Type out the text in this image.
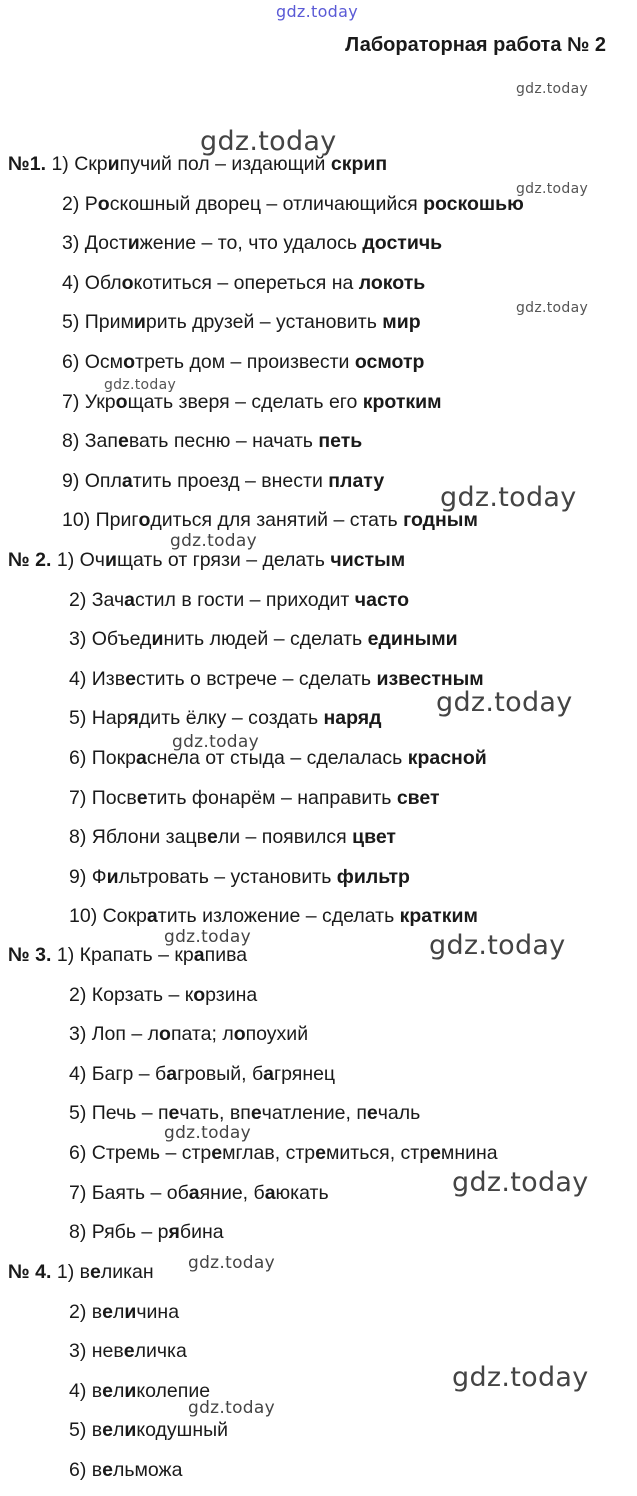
Лабораторная работа № 2
№1. 1) Скрипучий пол – издающий скрип
2) Роскошный дворец – отличающийся роскошью
3) Достижение – то, что удалось достичь
4) Облокотиться – опереться на локоть
5) Примирить друзей – установить мир
6) Осмотреть дом – произвести осмотр
7) Укрощать зверя – сделать его кротким
8) Запевать песню – начать петь
9) Оплатить проезд – внести плату
10) Пригодиться для занятий – стать годным
№ 2. 1) Очищать от грязи – делать чистым
2) Зачастил в гости – приходит часто
3) Объединить людей – сделать едиными
4) Известить о встрече – сделать известным
5) Нарядить ёлку – создать наряд
6) Покраснела от стыда – сделалась красной
7) Посветить фонарём – направить свет
8) Яблони зацвели – появился цвет
9) Фильтровать – установить фильтр
10) Сократить изложение – сделать кратким
№ 3. 1) Крапать – крапива
2) Корзать – корзина
3) Лоп – лопата; лопоухий
4) Багр – багровый, багрянец
5) Печь – печать, впечатление, печаль
6) Стремь – стремглав, стремиться, стремнина
7) Баять – обаяние, баюкать
8) Рябь – рябина
№ 4. 1) великан
2) величина
3) невеличка
4) великолепие
5) великодушный
6) вельможа
gdz.today
gdz.today
gdz.today
gdz.today
gdz.today
gdz.today
gdz.today
gdz.today
gdz.today
gdz.today
gdz.today	gdz.today
gdz.today
gdz.today
gdz.today
gdz.today
gdz.today
